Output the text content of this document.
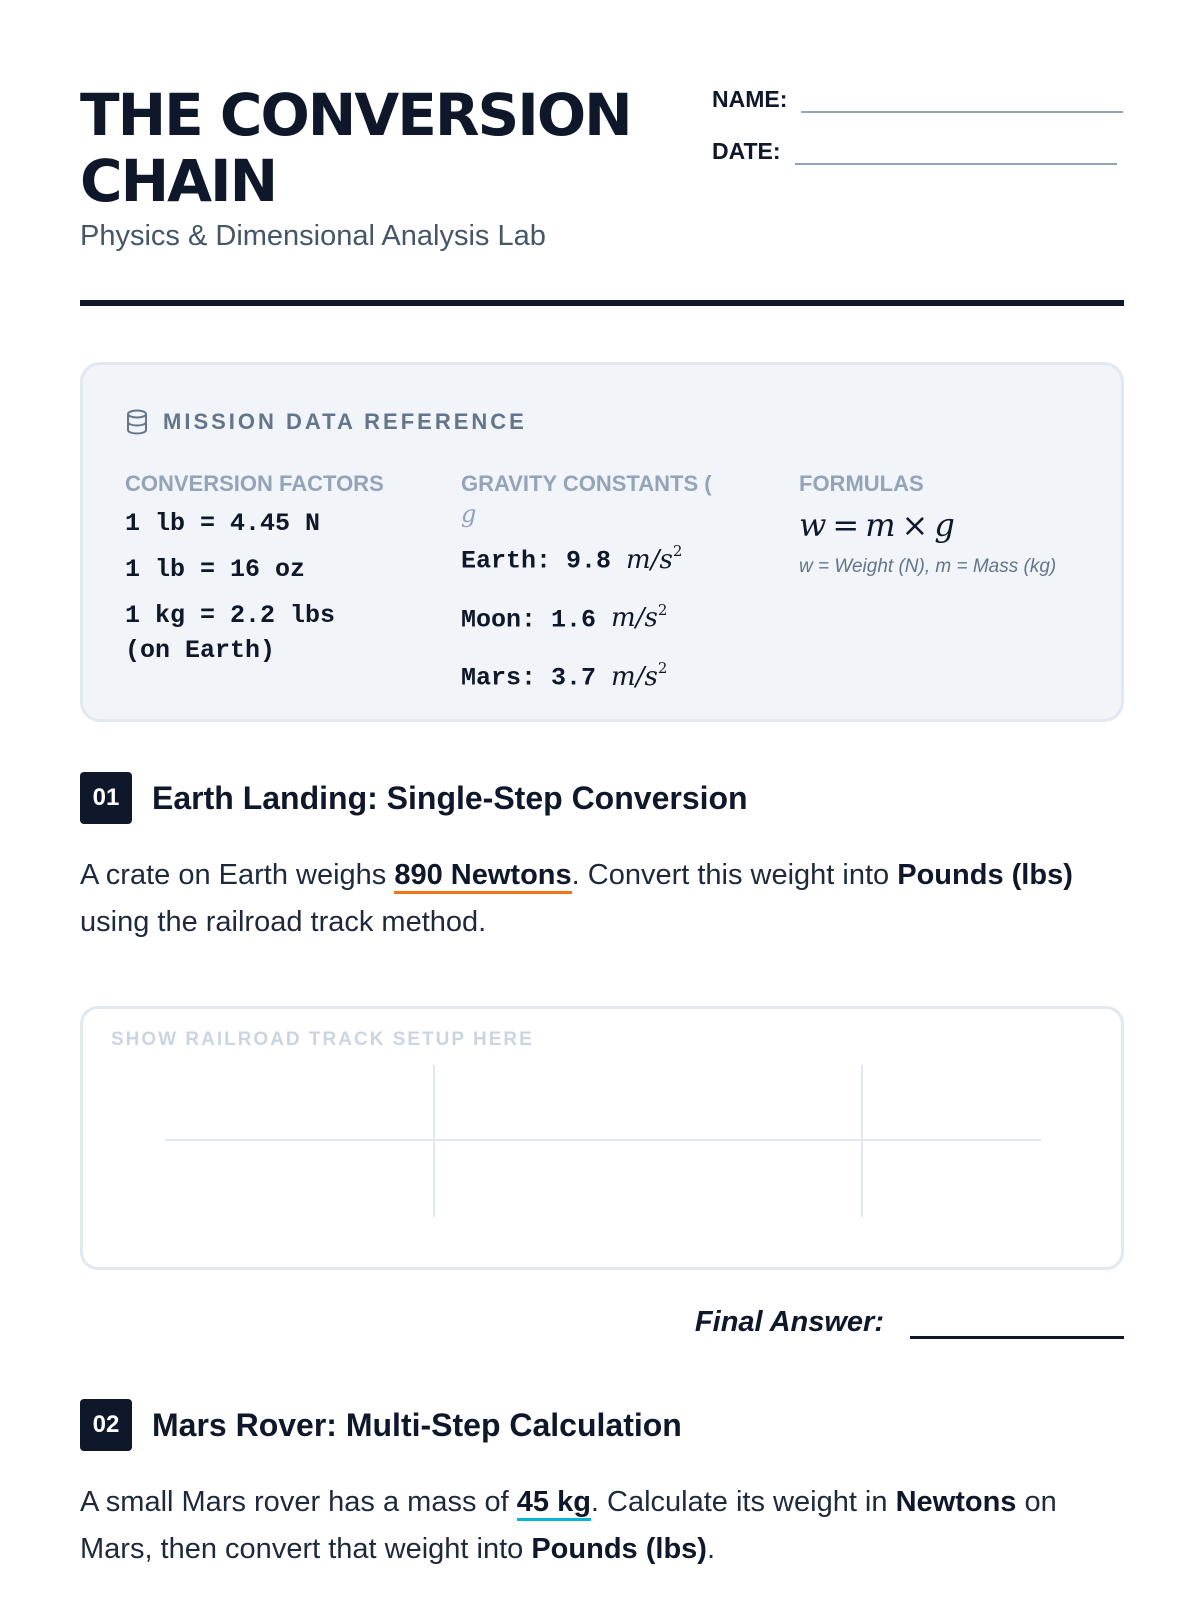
THE CONVERSION CHAIN
Physics & Dimensional Analysis Lab
NAME:
DATE:
MISSION DATA REFERENCE
CONVERSION FACTORS
1 lb = 4.45 N
1 lb = 16 oz
1 kg = 2.2 lbs
(on Earth)
GRAVITY CONSTANTS (
g
Earth: 9.8 $m/s^2$
Moon: 1.6 $m/s^2$
Mars: 3.7 $m/s^2$
FORMULAS
w = m × g
w = Weight (N), m = Mass (kg)
01	Earth Landing: Single-Step Conversion
A crate on Earth weighs 890 Newtons. Convert this weight into Pounds (lbs) using the railroad track method.
SHOW RAILROAD TRACK SETUP HERE
Final Answer:
02	Mars Rover: Multi-Step Calculation
A small Mars rover has a mass of 45 kg. Calculate its weight in Newtons on Mars, then convert that weight into Pounds (lbs).
